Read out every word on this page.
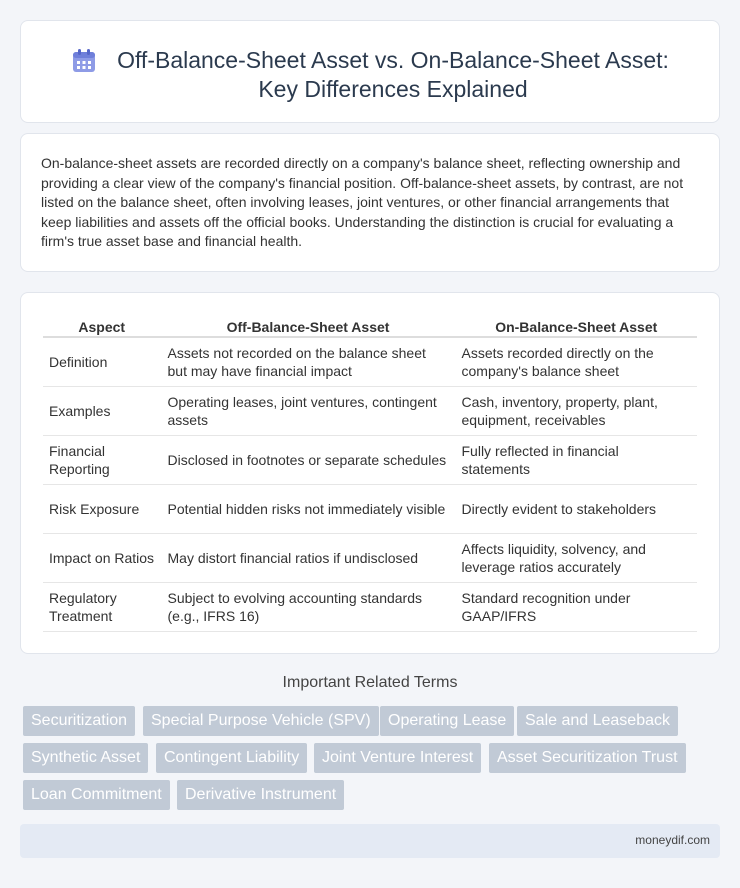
Off-Balance-Sheet Asset vs. On-Balance-Sheet Asset:
Key Differences Explained

On-balance-sheet assets are recorded directly on a company's balance sheet, reflecting ownership and providing a clear view of the company's financial position. Off-balance-sheet assets, by contrast, are not listed on the balance sheet, often involving leases, joint ventures, or other financial arrangements that keep liabilities and assets off the official books. Understanding the distinction is crucial for evaluating a firm's true asset base and financial health.

Aspect	Off-Balance-Sheet Asset	On-Balance-Sheet Asset
Definition	Assets not recorded on the balance sheet but may have financial impact	Assets recorded directly on the company's balance sheet
Examples	Operating leases, joint ventures, contingent assets	Cash, inventory, property, plant, equipment, receivables
Financial Reporting	Disclosed in footnotes or separate schedules	Fully reflected in financial statements
Risk Exposure	Potential hidden risks not immediately visible	Directly evident to stakeholders
Impact on Ratios	May distort financial ratios if undisclosed	Affects liquidity, solvency, and leverage ratios accurately
Regulatory Treatment	Subject to evolving accounting standards (e.g., IFRS 16)	Standard recognition under GAAP/IFRS
Important Related Terms
Securitization	Special Purpose Vehicle (SPV)	Operating Lease	Sale and Leaseback
Synthetic Asset	Contingent Liability	Joint Venture Interest	Asset Securitization Trust
Loan Commitment	Derivative Instrument
moneydif.com
